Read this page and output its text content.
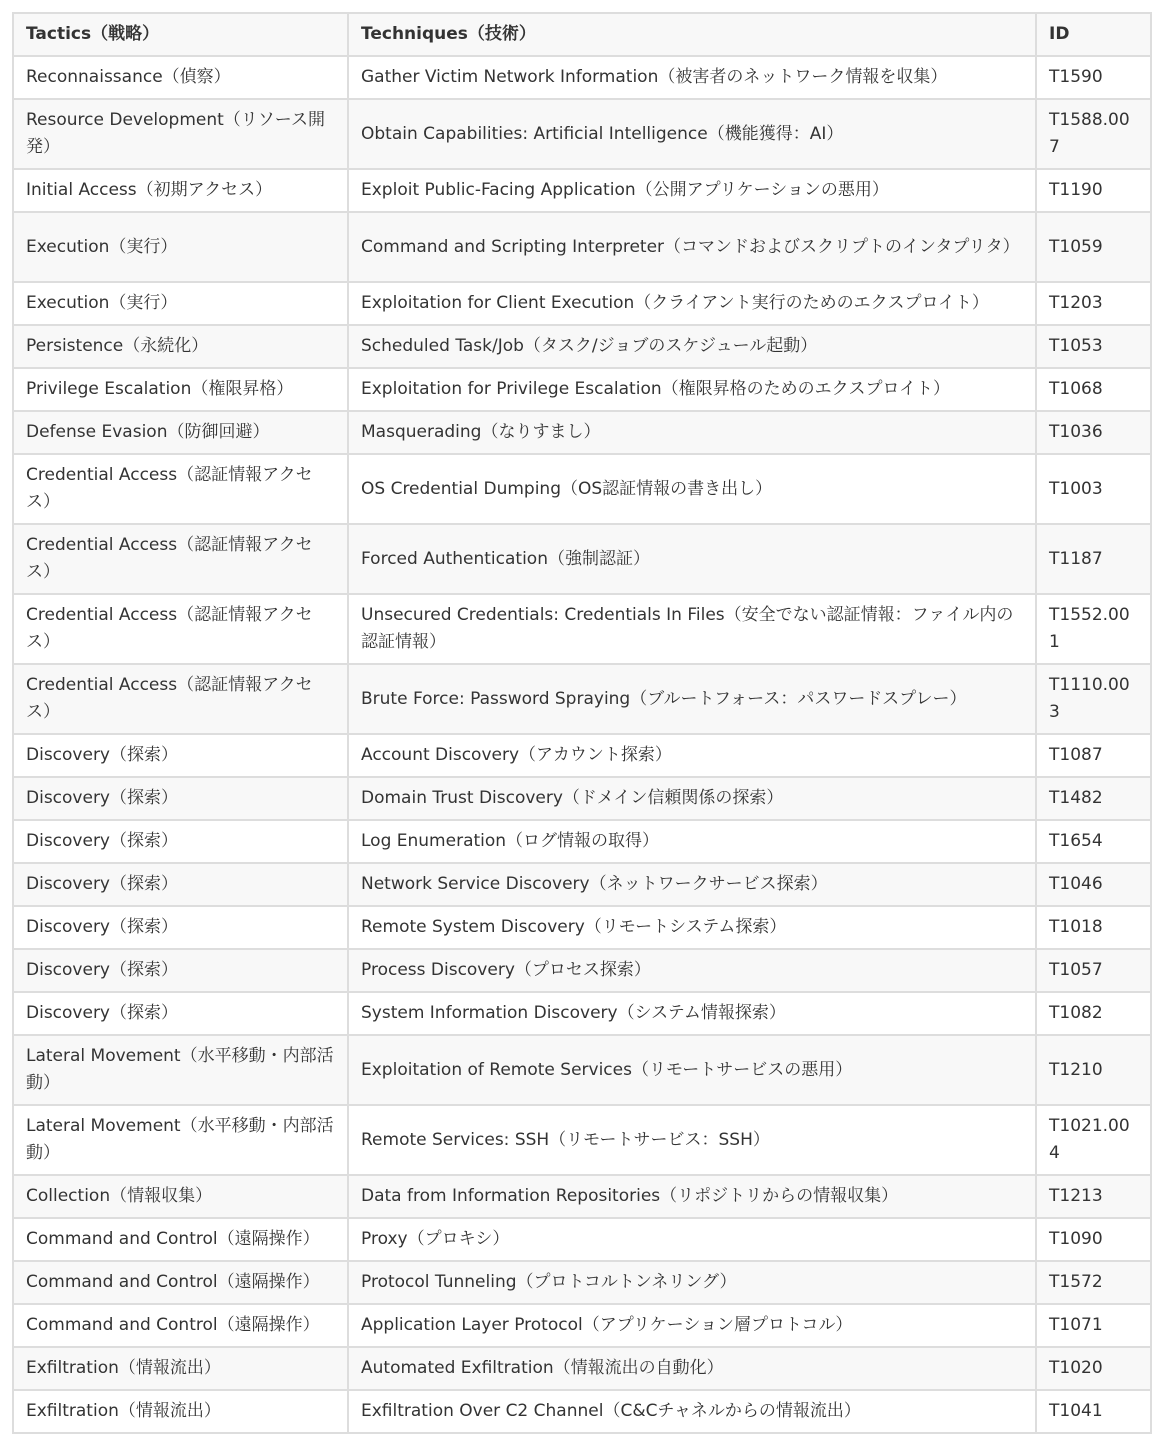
Tactics（戦略）	Techniques（技術）	ID
Reconnaissance（偵察）	Gather Victim Network Information（被害者のネットワーク情報を収集）	T1590
Resource Development（リソース開発）	Obtain Capabilities: Artificial Intelligence（機能獲得：AI）	T1588.007
Initial Access（初期アクセス）	Exploit Public-Facing Application（公開アプリケーションの悪用）	T1190
Execution（実行）	Command and Scripting Interpreter（コマンドおよびスクリプトのインタプリタ）	T1059
Execution（実行）	Exploitation for Client Execution（クライアント実行のためのエクスプロイト）	T1203
Persistence（永続化）	Scheduled Task/Job（タスク/ジョブのスケジュール起動）	T1053
Privilege Escalation（権限昇格）	Exploitation for Privilege Escalation（権限昇格のためのエクスプロイト）	T1068
Defense Evasion（防御回避）	Masquerading（なりすまし）	T1036
Credential Access（認証情報アクセス）	OS Credential Dumping（OS認証情報の書き出し）	T1003
Credential Access（認証情報アクセス）	Forced Authentication（強制認証）	T1187
Credential Access（認証情報アクセス）	Unsecured Credentials: Credentials In Files（安全でない認証情報：ファイル内の認証情報）	T1552.001
Credential Access（認証情報アクセス）	Brute Force: Password Spraying（ブルートフォース：パスワードスプレー）	T1110.003
Discovery（探索）	Account Discovery（アカウント探索）	T1087
Discovery（探索）	Domain Trust Discovery（ドメイン信頼関係の探索）	T1482
Discovery（探索）	Log Enumeration（ログ情報の取得）	T1654
Discovery（探索）	Network Service Discovery（ネットワークサービス探索）	T1046
Discovery（探索）	Remote System Discovery（リモートシステム探索）	T1018
Discovery（探索）	Process Discovery（プロセス探索）	T1057
Discovery（探索）	System Information Discovery（システム情報探索）	T1082
Lateral Movement（水平移動・内部活動）	Exploitation of Remote Services（リモートサービスの悪用）	T1210
Lateral Movement（水平移動・内部活動）	Remote Services: SSH（リモートサービス：SSH）	T1021.004
Collection（情報収集）	Data from Information Repositories（リポジトリからの情報収集）	T1213
Command and Control（遠隔操作）	Proxy（プロキシ）	T1090
Command and Control（遠隔操作）	Protocol Tunneling（プロトコルトンネリング）	T1572
Command and Control（遠隔操作）	Application Layer Protocol（アプリケーション層プロトコル）	T1071
Exfiltration（情報流出）	Automated Exfiltration（情報流出の自動化）	T1020
Exfiltration（情報流出）	Exfiltration Over C2 Channel（C&Cチャネルからの情報流出）	T1041
